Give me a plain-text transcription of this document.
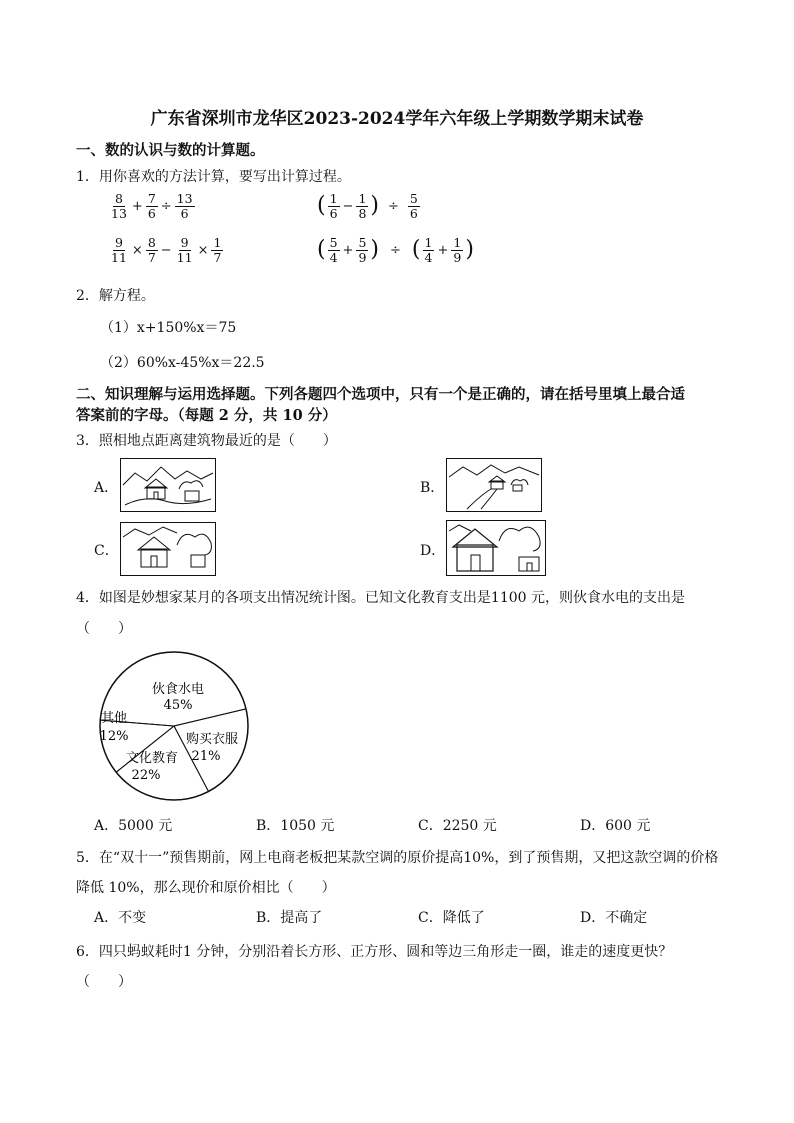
广东省深圳市龙华区2023-2024学年六年级上学期数学期末试卷
一、数的认识与数的计算题。
1．用你喜欢的方法计算，要写出计算过程。
$\frac{8}{13} + \frac{7}{6} \div \frac{13}{6}$	( $\frac{1}{6} - \frac{1}{8}$ ) ÷ $\frac{5}{6}$
$\frac{9}{11} \times \frac{8}{7} - \frac{9}{11} \times \frac{1}{7}$	( $\frac{5}{4} + \frac{5}{9}$ ) ÷ ( $\frac{1}{4} + \frac{1}{9}$ )
2．解方程。
（1）x+150%x＝75
（2）60%x-45%x＝22.5
二、知识理解与运用选择题。下列各题四个选项中，只有一个是正确的，请在括号里填上最合适
答案前的字母。（每题 2 分，共 10 分）
3．照相地点距离建筑物最近的是（　　）
A．	B．
C．	D．
4．如图是妙想家某月的各项支出情况统计图。已知文化教育支出是1100 元，则伙食水电的支出是
（　　）
伙食水电
45%
购买衣服
21%
文化教育
22%
其他
12%
A．5000 元	B．1050 元	C．2250 元	D．600 元
5．在“双十一”预售期前，网上电商老板把某款空调的原价提高10%，到了预售期，又把这款空调的价格
降低 10%，那么现价和原价相比（　　）
A．不变	B．提高了	C．降低了	D．不确定
6．四只蚂蚁耗时1 分钟，分别沿着长方形、正方形、圆和等边三角形走一圈，谁走的速度更快？
（　　）
